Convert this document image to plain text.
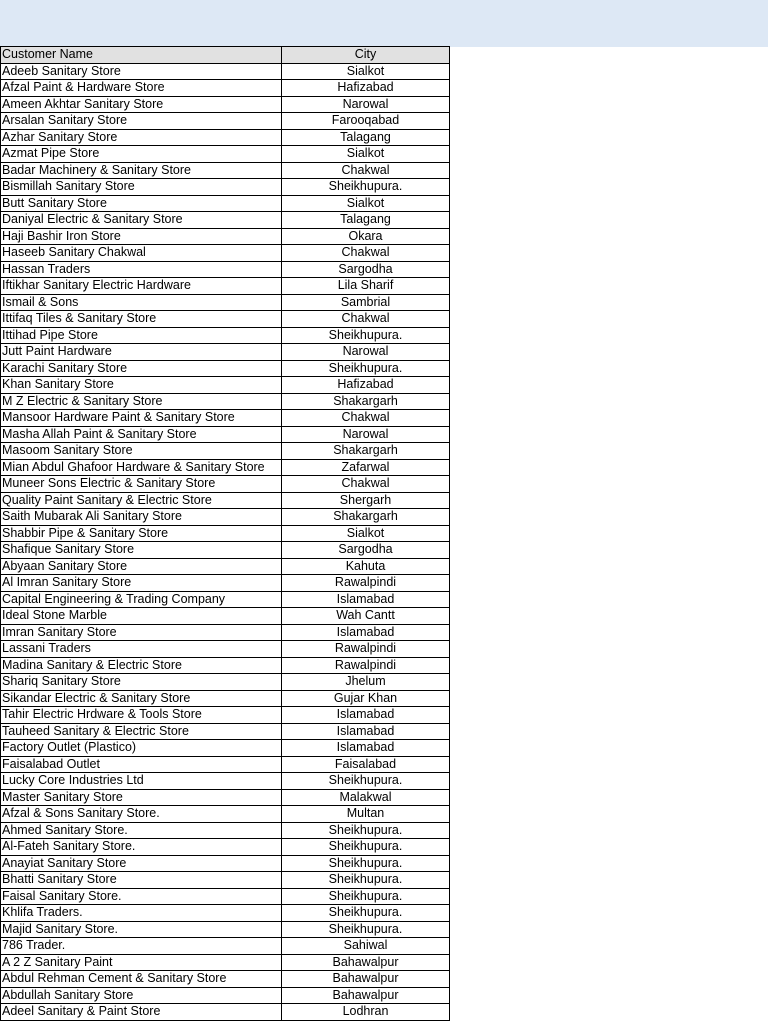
Customer Name	City
Adeeb Sanitary Store	Sialkot
Afzal Paint & Hardware Store	Hafizabad
Ameen Akhtar Sanitary Store	Narowal
Arsalan Sanitary Store	Farooqabad
Azhar Sanitary Store	Talagang
Azmat Pipe Store	Sialkot
Badar Machinery & Sanitary Store	Chakwal
Bismillah Sanitary Store	Sheikhupura.
Butt Sanitary Store	Sialkot
Daniyal Electric & Sanitary Store	Talagang
Haji Bashir Iron Store	Okara
Haseeb Sanitary Chakwal	Chakwal
Hassan Traders	Sargodha
Iftikhar Sanitary Electric Hardware	Lila Sharif
Ismail & Sons	Sambrial
Ittifaq Tiles & Sanitary Store	Chakwal
Ittihad Pipe Store	Sheikhupura.
Jutt Paint Hardware	Narowal
Karachi Sanitary Store	Sheikhupura.
Khan Sanitary Store	Hafizabad
M Z Electric & Sanitary Store	Shakargarh
Mansoor Hardware Paint & Sanitary Store	Chakwal
Masha Allah Paint & Sanitary Store	Narowal
Masoom Sanitary Store	Shakargarh
Mian Abdul Ghafoor Hardware & Sanitary Store	Zafarwal
Muneer Sons Electric & Sanitary Store	Chakwal
Quality Paint Sanitary & Electric Store	Shergarh
Saith Mubarak Ali Sanitary Store	Shakargarh
Shabbir Pipe & Sanitary Store	Sialkot
Shafique Sanitary Store	Sargodha
Abyaan Sanitary Store	Kahuta
Al Imran Sanitary Store	Rawalpindi
Capital Engineering & Trading Company	Islamabad
Ideal Stone Marble	Wah Cantt
Imran Sanitary Store	Islamabad
Lassani Traders	Rawalpindi
Madina Sanitary & Electric Store	Rawalpindi
Shariq Sanitary Store	Jhelum
Sikandar Electric & Sanitary Store	Gujar Khan
Tahir Electric Hrdware & Tools Store	Islamabad
Tauheed Sanitary & Electric Store	Islamabad
Factory Outlet (Plastico)	Islamabad
Faisalabad Outlet	Faisalabad
Lucky Core Industries Ltd	Sheikhupura.
Master Sanitary Store	Malakwal
Afzal & Sons Sanitary Store.	Multan
Ahmed Sanitary Store.	Sheikhupura.
Al-Fateh Sanitary Store.	Sheikhupura.
Anayiat Sanitary Store	Sheikhupura.
Bhatti Sanitary Store	Sheikhupura.
Faisal Sanitary Store.	Sheikhupura.
Khlifa Traders.	Sheikhupura.
Majid Sanitary Store.	Sheikhupura.
786 Trader.	Sahiwal
A 2 Z Sanitary Paint	Bahawalpur
Abdul Rehman Cement & Sanitary Store	Bahawalpur
Abdullah Sanitary Store	Bahawalpur
Adeel Sanitary & Paint Store	Lodhran
